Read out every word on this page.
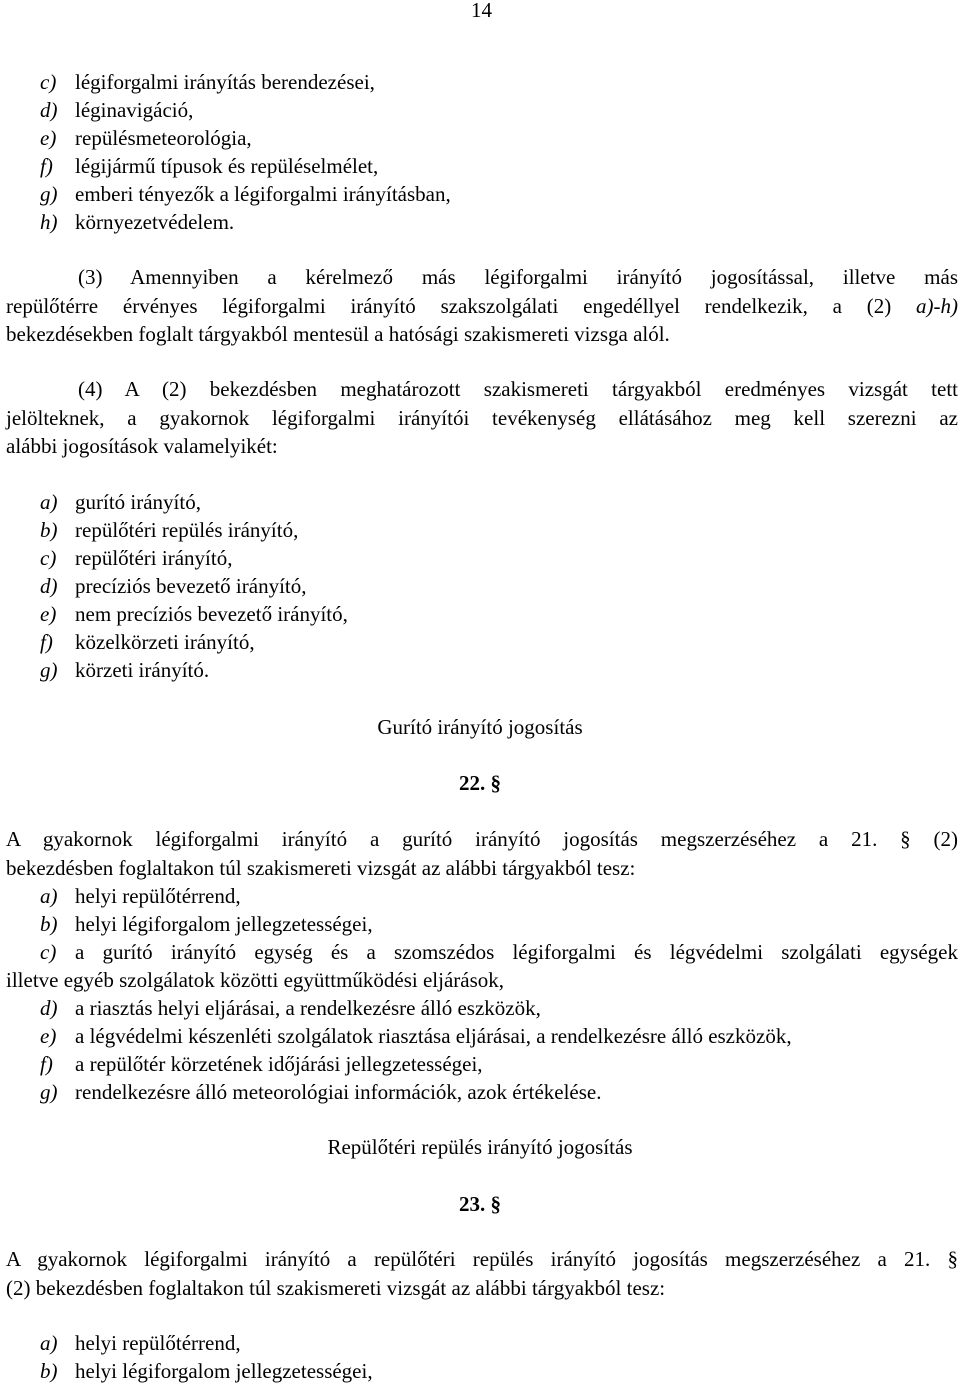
14
c) légiforgalmi irányítás berendezései,
d) léginavigáció,
e) repülésmeteorológia,
f) légijármű típusok és repüléselmélet,
g) emberi tényezők a légiforgalmi irányításban,
h) környezetvédelem.
(3) Amennyiben a kérelmező más légiforgalmi irányító jogosítással, illetve más
repülőtérre érvényes légiforgalmi irányító szakszolgálati engedéllyel rendelkezik, a (2) a)-h)
bekezdésekben foglalt tárgyakból mentesül a hatósági szakismereti vizsga alól.
(4) A (2) bekezdésben meghatározott szakismereti tárgyakból eredményes vizsgát tett
jelölteknek, a gyakornok légiforgalmi irányítói tevékenység ellátásához meg kell szerezni az
alábbi jogosítások valamelyikét:
a) gurító irányító,
b) repülőtéri repülés irányító,
c) repülőtéri irányító,
d) precíziós bevezető irányító,
e) nem precíziós bevezető irányító,
f) közelkörzeti irányító,
g) körzeti irányító.
Gurító irányító jogosítás
22. §
A gyakornok légiforgalmi irányító a gurító irányító jogosítás megszerzéséhez a 21. § (2)
bekezdésben foglaltakon túl szakismereti vizsgát az alábbi tárgyakból tesz:
a) helyi repülőtérrend,
b) helyi légiforgalom jellegzetességei,
c) a gurító irányító egység és a szomszédos légiforgalmi és légvédelmi szolgálati egységek
illetve egyéb szolgálatok közötti együttműködési eljárások,
d) a riasztás helyi eljárásai, a rendelkezésre álló eszközök,
e) a légvédelmi készenléti szolgálatok riasztása eljárásai, a rendelkezésre álló eszközök,
f) a repülőtér körzetének időjárási jellegzetességei,
g) rendelkezésre álló meteorológiai információk, azok értékelése.
Repülőtéri repülés irányító jogosítás
23. §
A gyakornok légiforgalmi irányító a repülőtéri repülés irányító jogosítás megszerzéséhez a 21. §
(2) bekezdésben foglaltakon túl szakismereti vizsgát az alábbi tárgyakból tesz:
a) helyi repülőtérrend,
b) helyi légiforgalom jellegzetességei,
